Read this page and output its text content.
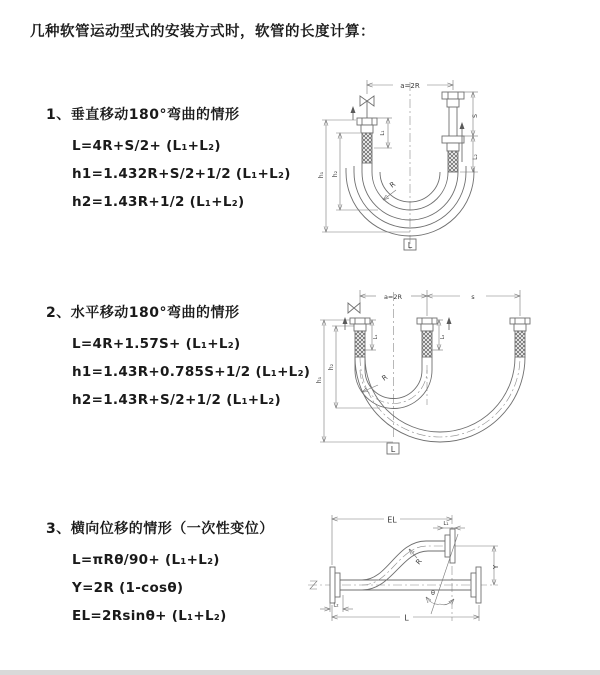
几种软管运动型式的安装方式时，软管的长度计算：
1、垂直移动180°弯曲的情形
L=4R+S/2+ (L₁+L₂)
h1=1.432R+S/2+1/2 (L₁+L₂)
h2=1.43R+1/2 (L₁+L₂)
2、水平移动180°弯曲的情形
L=4R+1.57S+ (L₁+L₂)
h1=1.43R+0.785S+1/2 (L₁+L₂)
h2=1.43R+S/2+1/2 (L₁+L₂)
3、横向位移的情形（一次性变位）
L=πRθ/90+ (L₁+L₂)
Y=2R (1-cosθ)
EL=2Rsinθ+ (L₁+L₂)
a=2R
h₁ h₂
L₁
S
L₂
R
L
a=2R	s
h₁
h₂
L₁	L₂
R
L
EL	L₁
Y
R
θ
L
L₂
